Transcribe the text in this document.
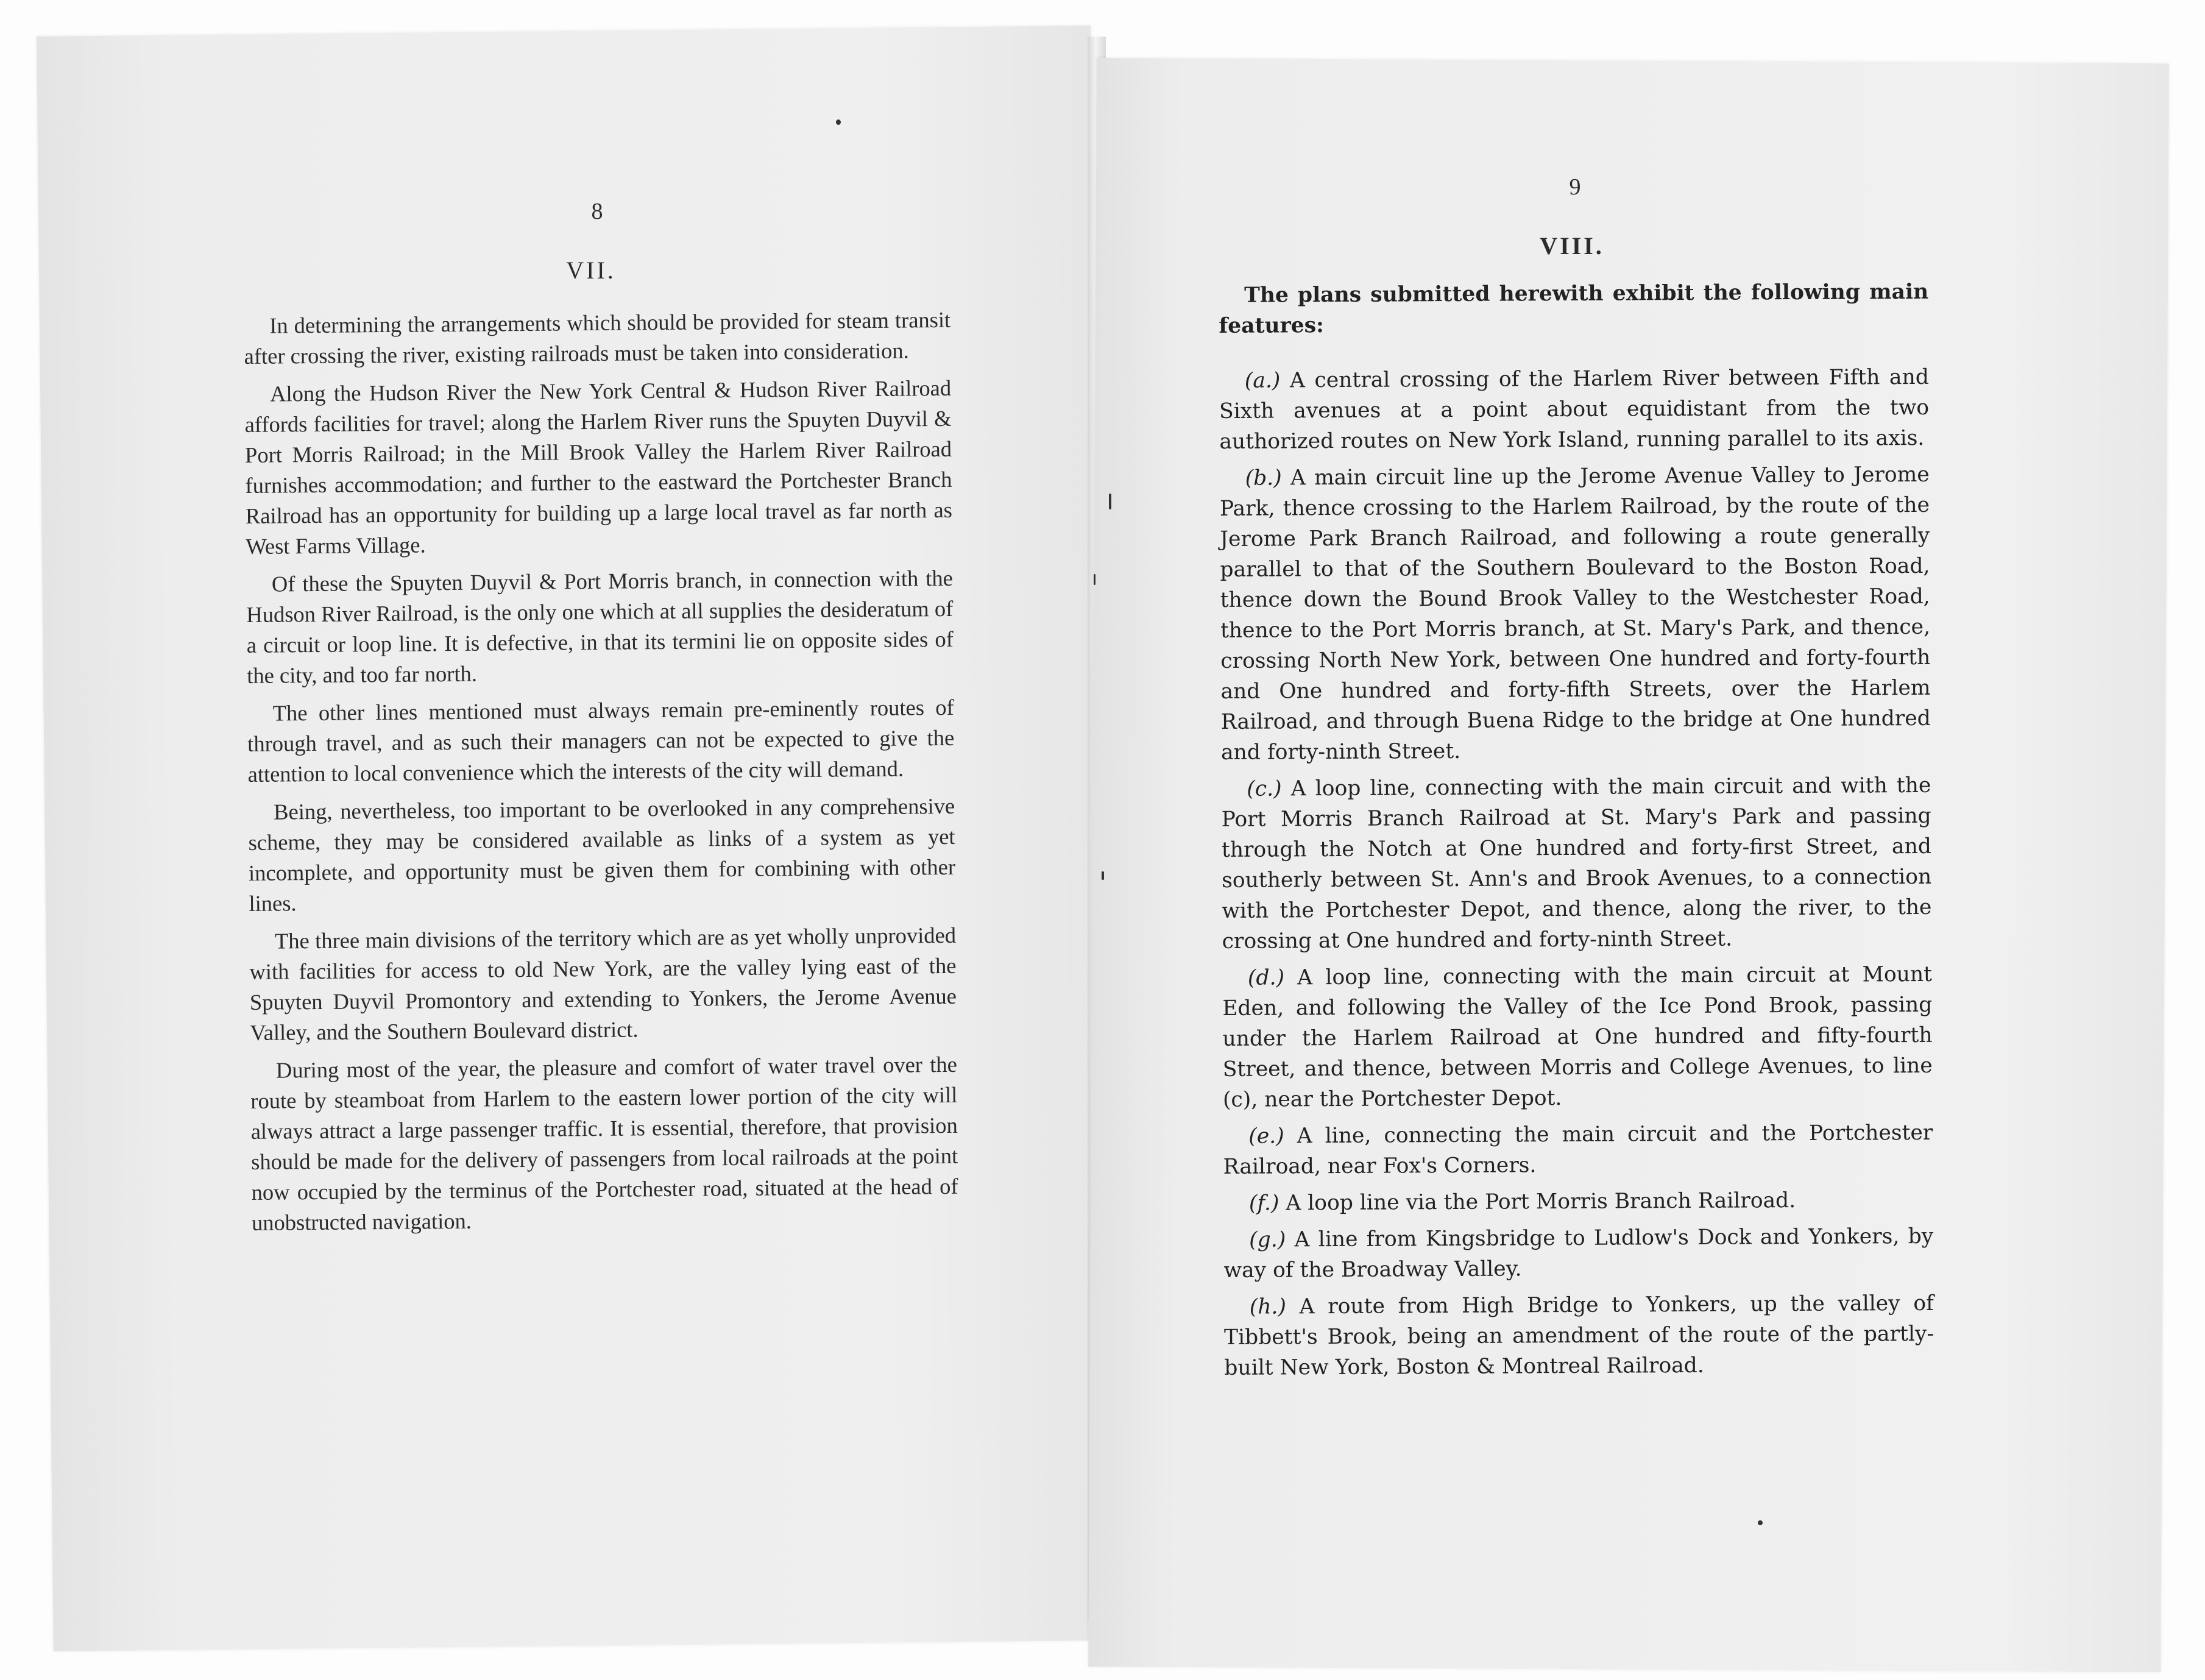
8
VII.

In determining the arrangements which should be provided for steam transit after crossing the river, existing railroads must be taken into consideration.

Along the Hudson River the New York Central & Hudson River Railroad affords facilities for travel; along the Harlem River runs the Spuyten Duyvil & Port Morris Railroad; in the Mill Brook Valley the Harlem River Railroad furnishes accommodation; and further to the eastward the Portchester Branch Railroad has an opportunity for building up a large local travel as far north as West Farms Village.

Of these the Spuyten Duyvil & Port Morris branch, in connection with the Hudson River Railroad, is the only one which at all supplies the desideratum of a circuit or loop line. It is defective, in that its termini lie on opposite sides of the city, and too far north.

The other lines mentioned must always remain pre-eminently routes of through travel, and as such their managers can not be expected to give the attention to local convenience which the interests of the city will demand.

Being, nevertheless, too important to be overlooked in any comprehensive scheme, they may be considered available as links of a system as yet incomplete, and opportunity must be given them for combining with other lines.

The three main divisions of the territory which are as yet wholly unprovided with facilities for access to old New York, are the valley lying east of the Spuyten Duyvil Promontory and extending to Yonkers, the Jerome Avenue Valley, and the Southern Boulevard district.

During most of the year, the pleasure and comfort of water travel over the route by steamboat from Harlem to the eastern lower portion of the city will always attract a large passenger traffic. It is essential, therefore, that provision should be made for the delivery of passengers from local railroads at the point now occupied by the terminus of the Portchester road, situated at the head of unobstructed navigation.

9
VIII.

The plans submitted herewith exhibit the following main features:

(a.) A central crossing of the Harlem River between Fifth and Sixth avenues at a point about equidistant from the two authorized routes on New York Island, running parallel to its axis.

(b.) A main circuit line up the Jerome Avenue Valley to Jerome Park, thence crossing to the Harlem Railroad, by the route of the Jerome Park Branch Railroad, and following a route generally parallel to that of the Southern Boulevard to the Boston Road, thence down the Bound Brook Valley to the Westchester Road, thence to the Port Morris branch, at St. Mary's Park, and thence, crossing North New York, between One hundred and forty-fourth and One hundred and forty-fifth Streets, over the Harlem Railroad, and through Buena Ridge to the bridge at One hundred and forty-ninth Street.

(c.) A loop line, connecting with the main circuit and with the Port Morris Branch Railroad at St. Mary's Park and passing through the Notch at One hundred and forty-first Street, and southerly between St. Ann's and Brook Avenues, to a connection with the Portchester Depot, and thence, along the river, to the crossing at One hundred and forty-ninth Street.

(d.) A loop line, connecting with the main circuit at Mount Eden, and following the Valley of the Ice Pond Brook, passing under the Harlem Railroad at One hundred and fifty-fourth Street, and thence, between Morris and College Avenues, to line (c), near the Portchester Depot.

(e.) A line, connecting the main circuit and the Portchester Railroad, near Fox's Corners.

(f.) A loop line via the Port Morris Branch Railroad.

(g.) A line from Kingsbridge to Ludlow's Dock and Yonkers, by way of the Broadway Valley.

(h.) A route from High Bridge to Yonkers, up the valley of Tibbett's Brook, being an amendment of the route of the partly-built New York, Boston & Montreal Railroad.
